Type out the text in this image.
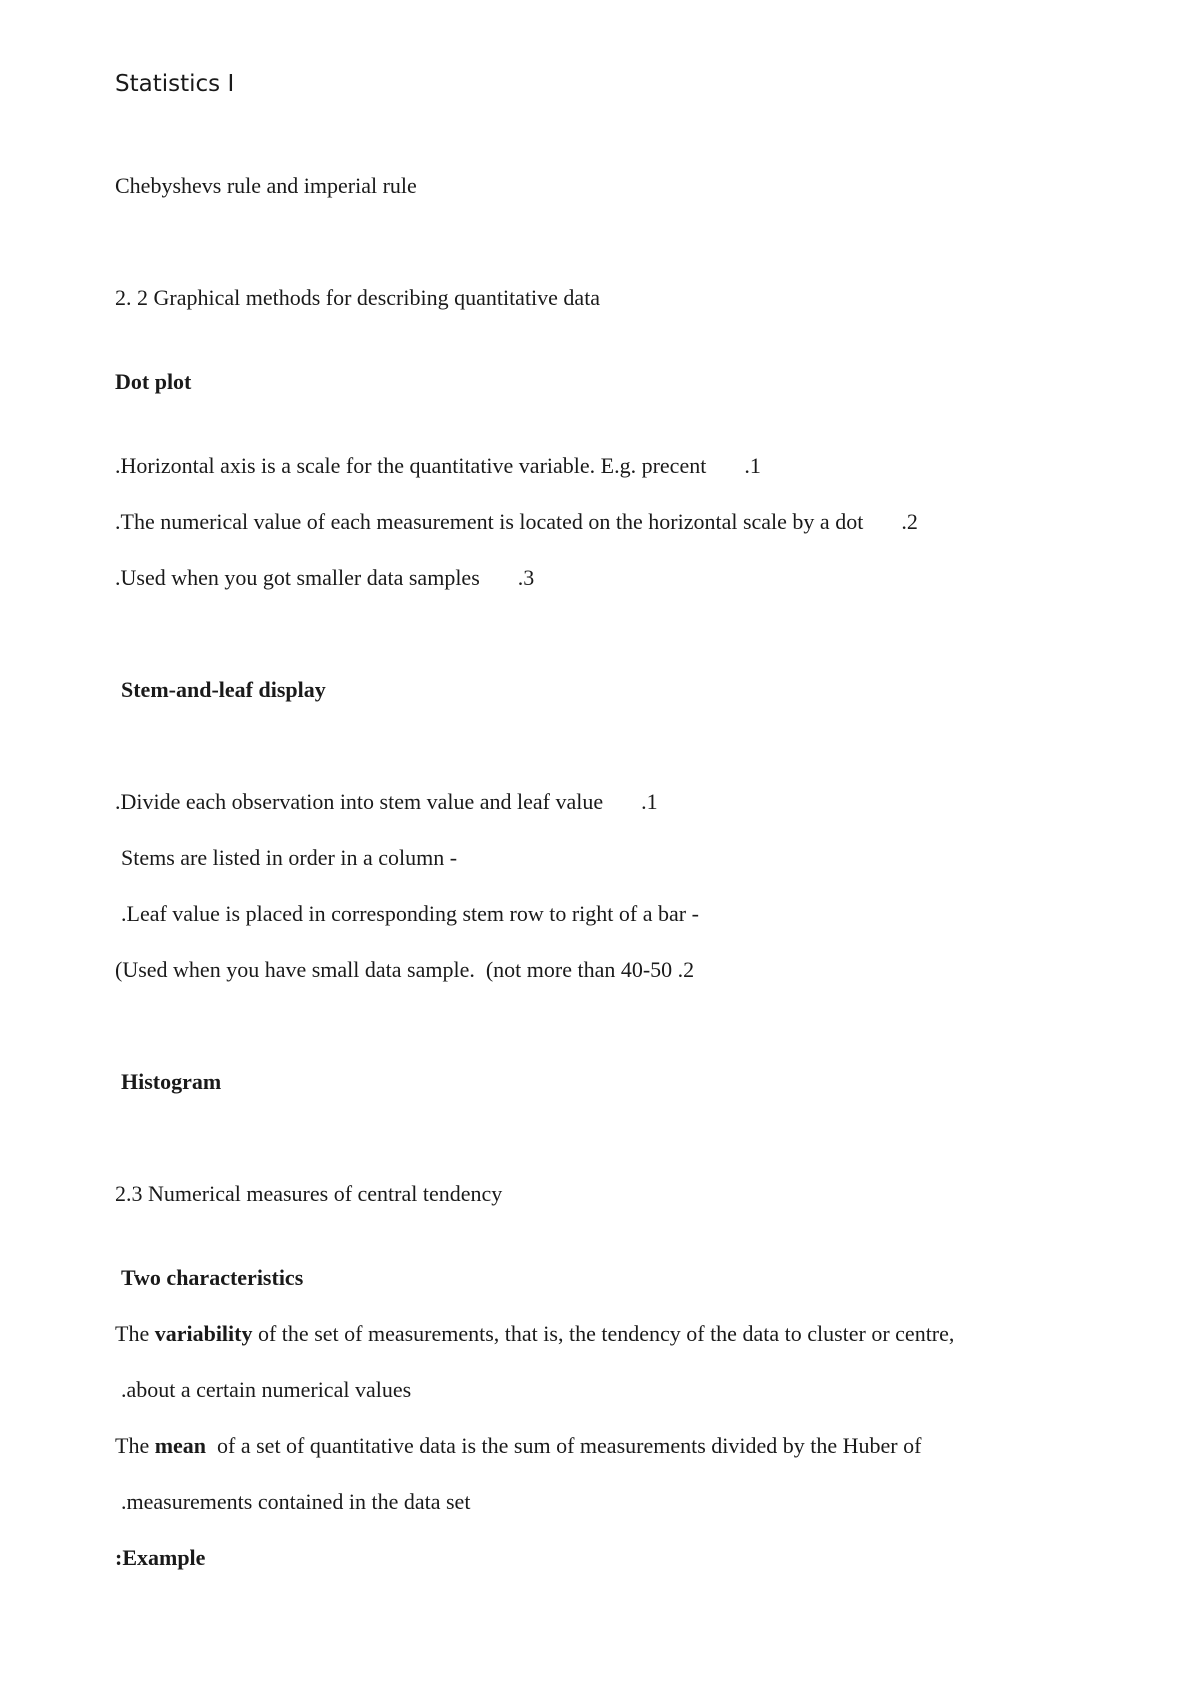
Statistics I
Chebyshevs rule and imperial rule
2. 2 Graphical methods for describing quantitative data
Dot plot
.Horizontal axis is a scale for the quantitative variable. E.g. precent .1
.The numerical value of each measurement is located on the horizontal scale by a dot .2
.Used when you got smaller data samples .3
Stem-and-leaf display
.Divide each observation into stem value and leaf value .1
Stems are listed in order in a column -
.Leaf value is placed in corresponding stem row to right of a bar -
(Used when you have small data sample.  (not more than 40-50 .2
Histogram
2.3 Numerical measures of central tendency
Two characteristics
The variability of the set of measurements, that is, the tendency of the data to cluster or centre,
.about a certain numerical values
The mean  of a set of quantitative data is the sum of measurements divided by the Huber of
.measurements contained in the data set
:Example
